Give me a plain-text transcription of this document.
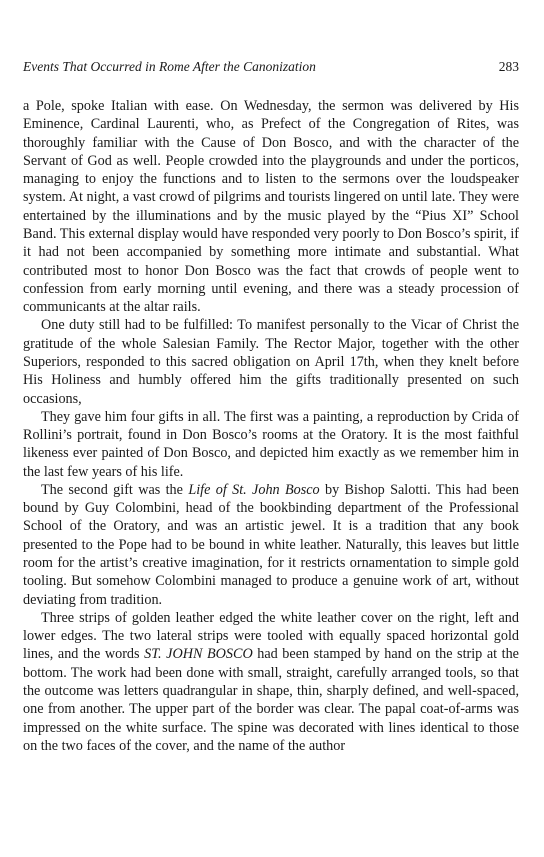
Events That Occurred in Rome After the Canonization	283

a Pole, spoke Italian with ease. On Wednesday, the sermon was delivered by His Eminence, Cardinal Laurenti, who, as Prefect of the Congregation of Rites, was thoroughly familiar with the Cause of Don Bosco, and with the character of the Servant of God as well. People crowded into the playgrounds and under the porticos, managing to enjoy the functions and to listen to the sermons over the loudspeaker system. At night, a vast crowd of pilgrims and tourists lingered on until late. They were entertained by the illuminations and by the music played by the “Pius XI” School Band. This external display would have responded very poorly to Don Bosco’s spirit, if it had not been accompanied by something more intimate and substantial. What contributed most to honor Don Bosco was the fact that crowds of people went to confession from early morning until evening, and there was a steady procession of communicants at the altar rails.

One duty still had to be fulfilled: To manifest personally to the Vicar of Christ the gratitude of the whole Salesian Family. The Rector Major, together with the other Superiors, responded to this sacred obligation on April 17th, when they knelt before His Holiness and humbly offered him the gifts traditionally presented on such occasions,

They gave him four gifts in all. The first was a painting, a reproduction by Crida of Rollini’s portrait, found in Don Bosco’s rooms at the Oratory. It is the most faithful likeness ever painted of Don Bosco, and depicted him exactly as we remember him in the last few years of his life.

The second gift was the Life of St. John Bosco by Bishop Salotti. This had been bound by Guy Colombini, head of the bookbinding department of the Professional School of the Oratory, and was an artistic jewel. It is a tradition that any book presented to the Pope had to be bound in white leather. Naturally, this leaves but little room for the artist’s creative imagination, for it restricts ornamentation to simple gold tooling. But somehow Colombini managed to produce a genuine work of art, without deviating from tradition.

Three strips of golden leather edged the white leather cover on the right, left and lower edges. The two lateral strips were tooled with equally spaced horizontal gold lines, and the words ST. JOHN BOSCO had been stamped by hand on the strip at the bottom. The work had been done with small, straight, carefully arranged tools, so that the outcome was letters quadrangular in shape, thin, sharply defined, and well-spaced, one from another. The upper part of the border was clear. The papal coat-of-arms was impressed on the white surface. The spine was decorated with lines identical to those on the two faces of the cover, and the name of the author
